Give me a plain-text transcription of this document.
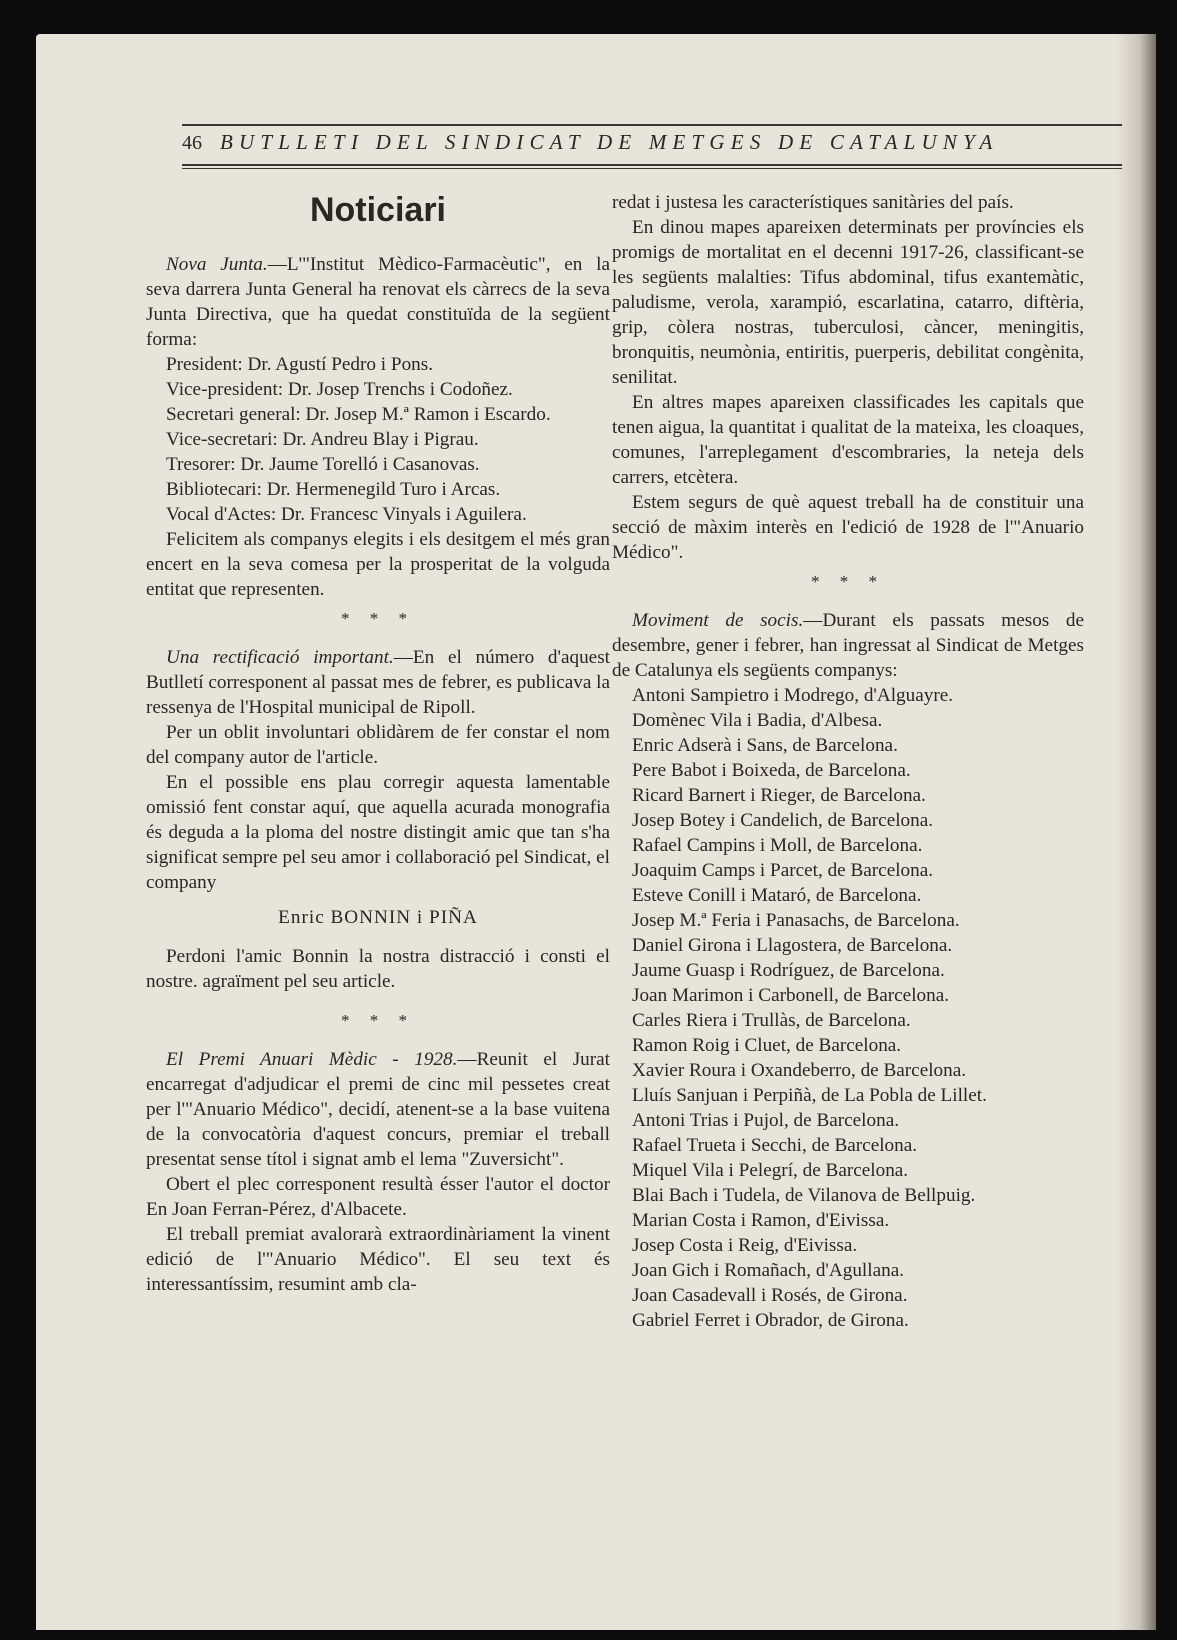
46 BUTLLETI DEL SINDICAT DE METGES DE CATALUNYA
Noticiari

Nova Junta.—L'"Institut Mèdico-Farmacèutic", en la seva darrera Junta General ha renovat els càrrecs de la seva Junta Directiva, que ha quedat constituïda de la següent forma:

President: Dr. Agustí Pedro i Pons.

Vice-president: Dr. Josep Trenchs i Codoñez.

Secretari general: Dr. Josep M.ª Ramon i Escardo.

Vice-secretari: Dr. Andreu Blay i Pigrau.

Tresorer: Dr. Jaume Torelló i Casanovas.

Bibliotecari: Dr. Hermenegild Turo i Arcas.

Vocal d'Actes: Dr. Francesc Vinyals i Aguilera.

Felicitem als companys elegits i els desitgem el més gran encert en la seva comesa per la prosperitat de la volguda entitat que representen.

* * *

Una rectificació important.—En el número d'aquest Butlletí corresponent al passat mes de febrer, es publicava la ressenya de l'Hospital municipal de Ripoll.

Per un oblit involuntari oblidàrem de fer constar el nom del company autor de l'article.

En el possible ens plau corregir aquesta lamentable omissió fent constar aquí, que aquella acurada monografia és deguda a la ploma del nostre distingit amic que tan s'ha significat sempre pel seu amor i collaboració pel Sindicat, el company

Enric BONNIN i PIÑA

Perdoni l'amic Bonnin la nostra distracció i consti el nostre. agraïment pel seu article.

* * *

El Premi Anuari Mèdic - 1928.—Reunit el Jurat encarregat d'adjudicar el premi de cinc mil pessetes creat per l'"Anuario Médico", decidí, atenent-se a la base vuitena de la convocatòria d'aquest concurs, premiar el treball presentat sense títol i signat amb el lema "Zuversicht".

Obert el plec corresponent resultà ésser l'autor el doctor En Joan Ferran-Pérez, d'Albacete.

El treball premiat avalorarà extraordinàriament la vinent edició de l'"Anuario Médico". El seu text és interessantíssim, resumint amb cla-

redat i justesa les característiques sanitàries del país.

En dinou mapes apareixen determinats per províncies els promigs de mortalitat en el decenni 1917-26, classificant-se les següents malalties: Tifus abdominal, tifus exantemàtic, paludisme, verola, xarampió, escarlatina, catarro, diftèria, grip, còlera nostras, tuberculosi, càncer, meningitis, bronquitis, neumònia, entiritis, puerperis, debilitat congènita, senilitat.

En altres mapes apareixen classificades les capitals que tenen aigua, la quantitat i qualitat de la mateixa, les cloaques, comunes, l'arreplegament d'escombraries, la neteja dels carrers, etcètera.

Estem segurs de què aquest treball ha de constituir una secció de màxim interès en l'edició de 1928 de l'"Anuario Médico".

* * *

Moviment de socis.—Durant els passats mesos de desembre, gener i febrer, han ingressat al Sindicat de Metges de Catalunya els següents companys:

Antoni Sampietro i Modrego, d'Alguayre.

Domènec Vila i Badia, d'Albesa.

Enric Adserà i Sans, de Barcelona.

Pere Babot i Boixeda, de Barcelona.

Ricard Barnert i Rieger, de Barcelona.

Josep Botey i Candelich, de Barcelona.

Rafael Campins i Moll, de Barcelona.

Joaquim Camps i Parcet, de Barcelona.

Esteve Conill i Mataró, de Barcelona.

Josep M.ª Feria i Panasachs, de Barcelona.

Daniel Girona i Llagostera, de Barcelona.

Jaume Guasp i Rodríguez, de Barcelona.

Joan Marimon i Carbonell, de Barcelona.

Carles Riera i Trullàs, de Barcelona.

Ramon Roig i Cluet, de Barcelona.

Xavier Roura i Oxandeberro, de Barcelona.

Lluís Sanjuan i Perpiñà, de La Pobla de Lillet.

Antoni Trias i Pujol, de Barcelona.

Rafael Trueta i Secchi, de Barcelona.

Miquel Vila i Pelegrí, de Barcelona.

Blai Bach i Tudela, de Vilanova de Bellpuig.

Marian Costa i Ramon, d'Eivissa.

Josep Costa i Reig, d'Eivissa.

Joan Gich i Romañach, d'Agullana.

Joan Casadevall i Rosés, de Girona.

Gabriel Ferret i Obrador, de Girona.
